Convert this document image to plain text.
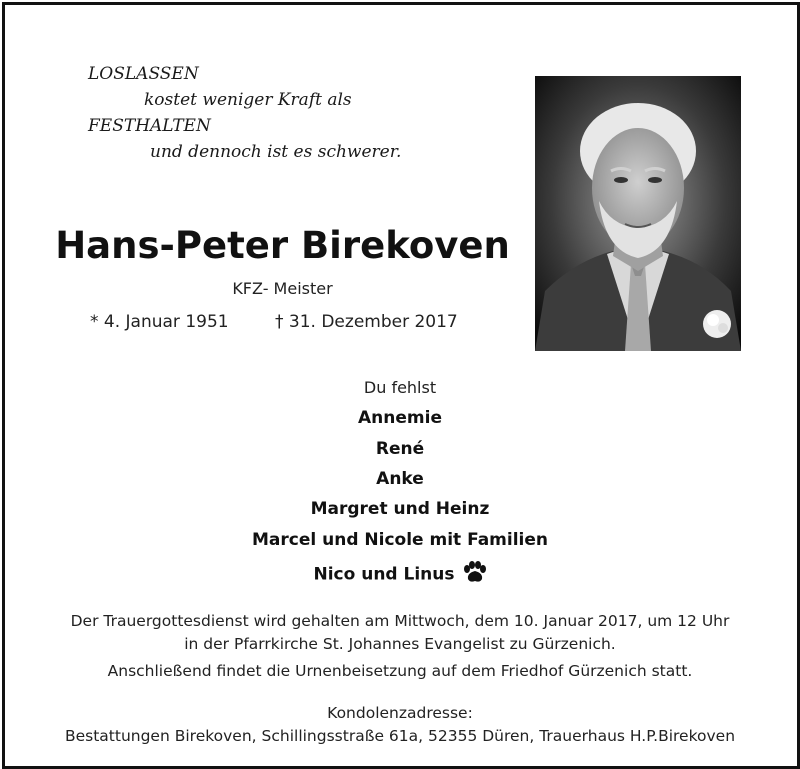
LOSLASSEN
kostet weniger Kraft als
FESTHALTEN
und dennoch ist es schwerer.
Hans-Peter Birekoven
KFZ- Meister
* 4. Januar 1951	† 31. Dezember 2017
Du fehlst
Annemie
René
Anke
Margret und Heinz
Marcel und Nicole mit Familien
Nico und Linus
Der Trauergottesdienst wird gehalten am Mittwoch, dem 10. Januar 2017, um 12 Uhr
in der Pfarrkirche St. Johannes Evangelist zu Gürzenich.
Anschließend findet die Urnenbeisetzung auf dem Friedhof Gürzenich statt.
Kondolenzadresse:
Bestattungen Birekoven, Schillingsstraße 61a, 52355 Düren, Trauerhaus H.P.Birekoven
